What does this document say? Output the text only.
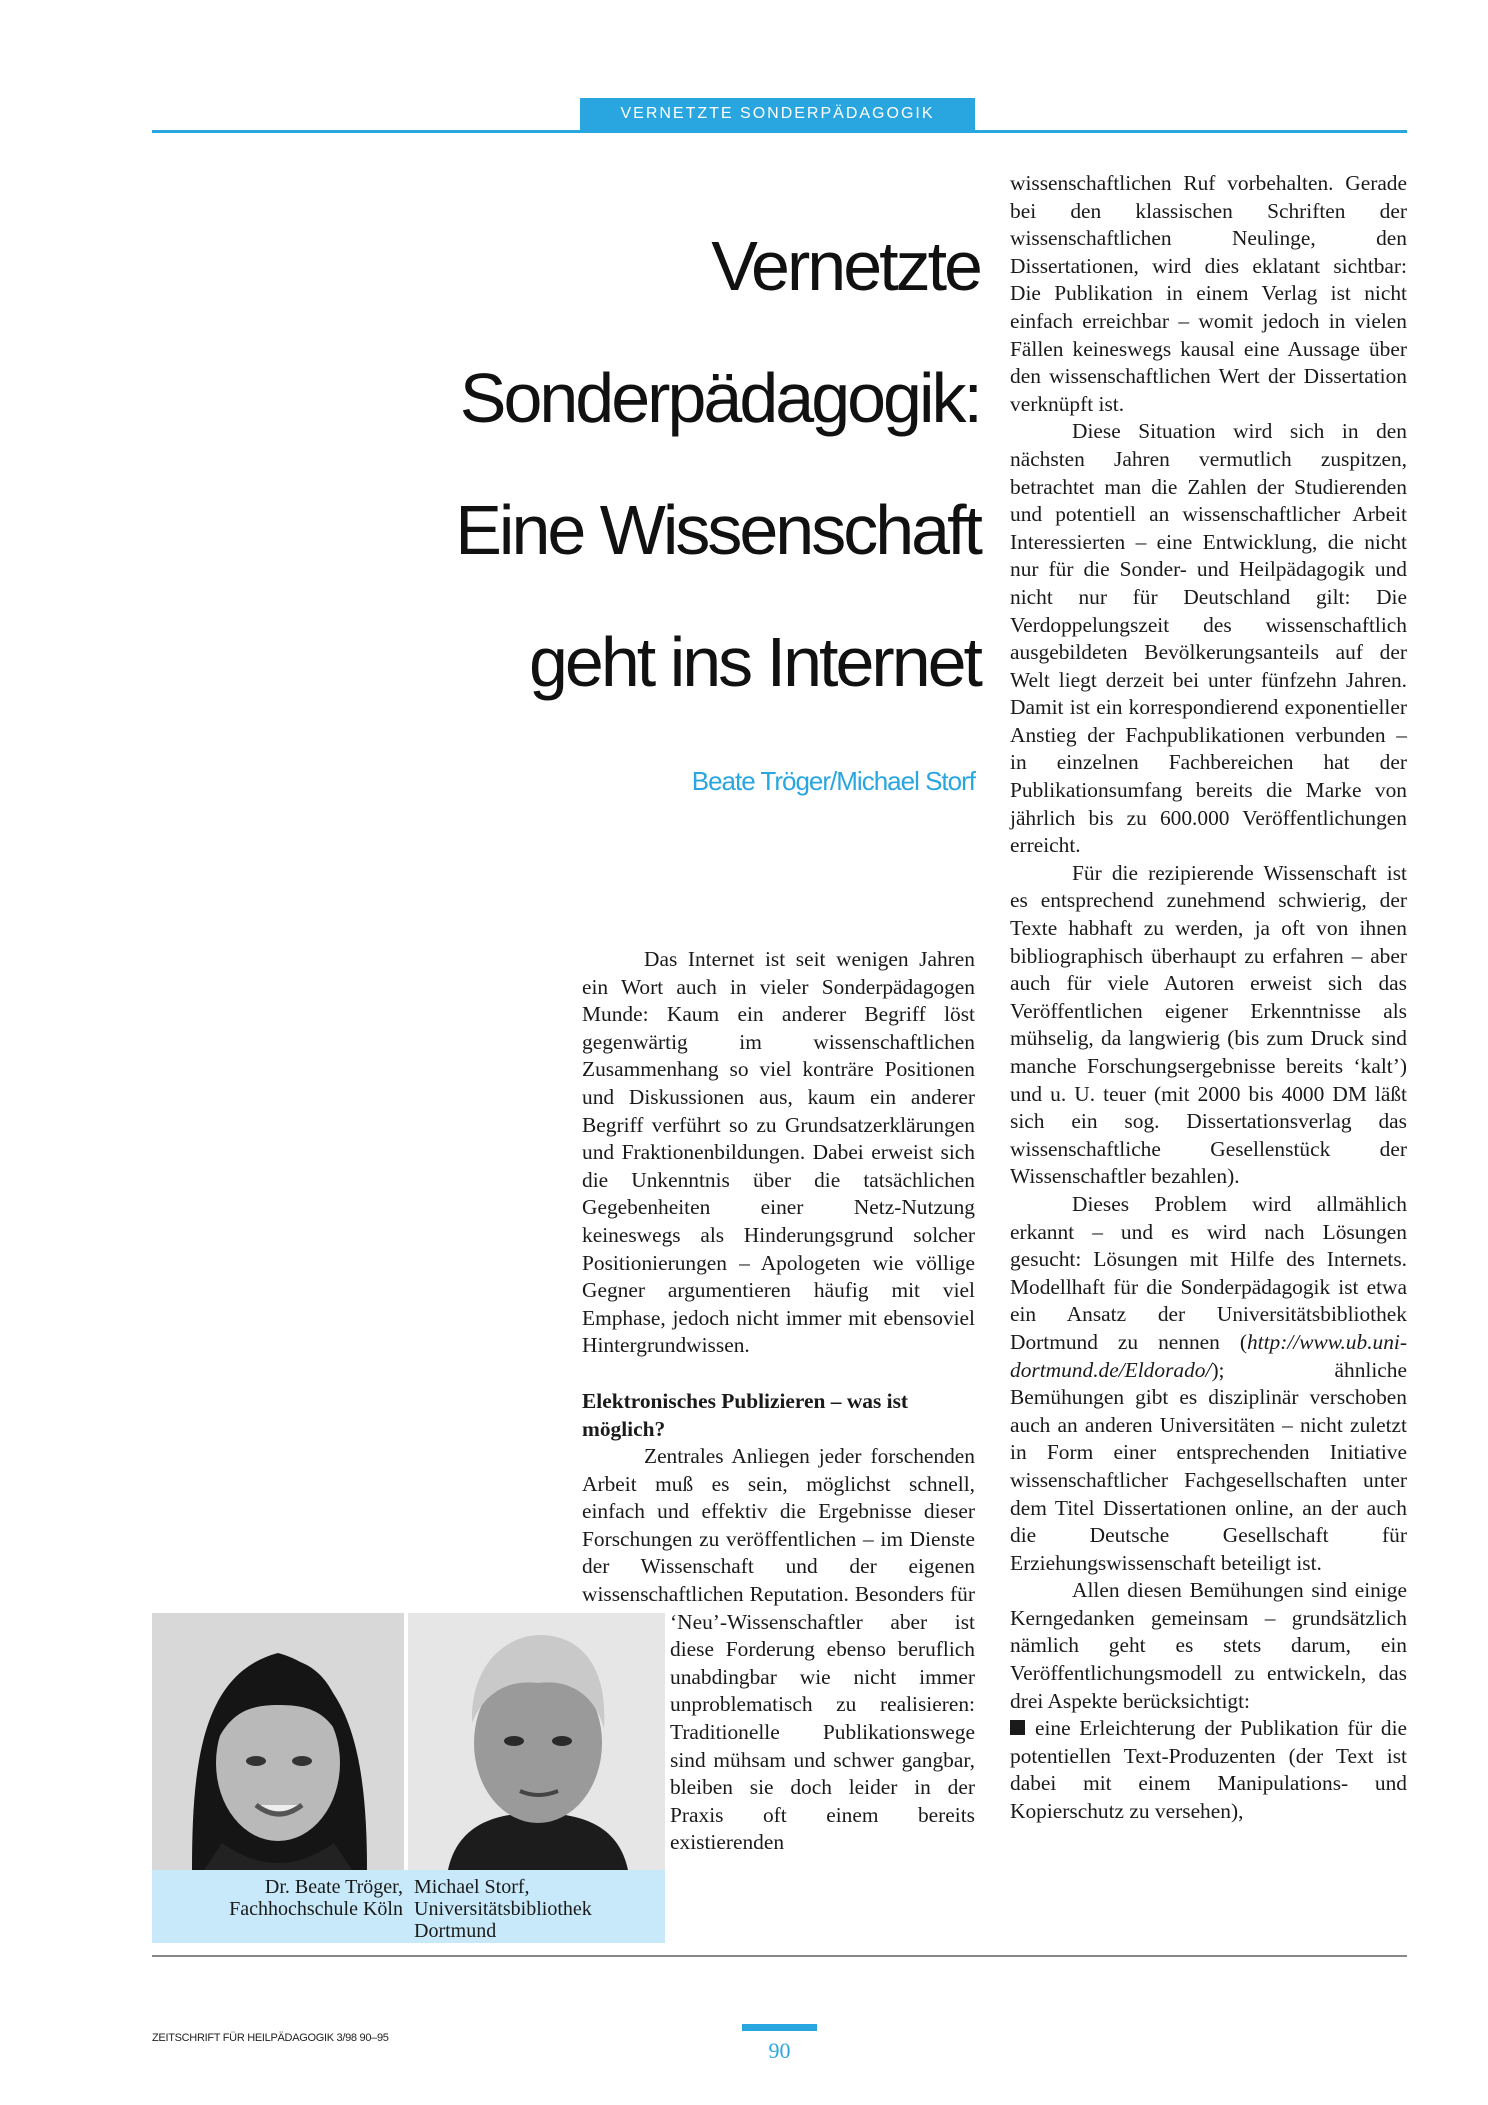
VERNETZTE SONDERPÄDAGOGIK
Vernetzte
Sonderpädagogik:
Eine Wissenschaft
geht ins Internet
Beate Tröger/Michael Storf

Das Internet ist seit wenigen Jahren ein Wort auch in vieler Sonderpädagogen Munde: Kaum ein anderer Begriff löst gegenwärtig im wissenschaftlichen Zusammenhang so viel konträre Positionen und Diskussionen aus, kaum ein anderer Begriff verführt so zu Grundsatzerklärungen und Fraktionenbildungen. Dabei erweist sich die Unkenntnis über die tatsächlichen Gegebenheiten einer Netz-Nutzung keineswegs als Hinderungsgrund solcher Positionierungen – Apologeten wie völlige Gegner argumentieren häufig mit viel Emphase, jedoch nicht immer mit ebensoviel Hintergrundwissen.

Elektronisches Publizieren – was ist möglich?

Zentrales Anliegen jeder forschenden Arbeit muß es sein, möglichst schnell, einfach und effektiv die Ergebnisse dieser Forschungen zu veröffentlichen – im Dienste der Wissenschaft und der eigenen wissenschaftlichen Reputation. Besonders für ‘Neu’-Wissenschaftler aber ist diese Forderung ebenso beruflich unabdingbar wie nicht immer unproblematisch zu realisieren: Traditionelle Publikationswege sind mühsam und schwer gangbar, bleiben sie doch leider in der Praxis oft einem bereits existierenden

wissenschaftlichen Ruf vorbehalten. Gerade bei den klassischen Schriften der wissenschaftlichen Neulinge, den Dissertationen, wird dies eklatant sichtbar: Die Publikation in einem Verlag ist nicht einfach erreichbar – womit jedoch in vielen Fällen keineswegs kausal eine Aussage über den wissenschaftlichen Wert der Dissertation verknüpft ist.

Diese Situation wird sich in den nächsten Jahren vermutlich zuspitzen, betrachtet man die Zahlen der Studierenden und potentiell an wissenschaftlicher Arbeit Interessierten – eine Entwicklung, die nicht nur für die Sonder- und Heilpädagogik und nicht nur für Deutschland gilt: Die Verdoppelungszeit des wissenschaftlich ausgebildeten Bevölkerungsanteils auf der Welt liegt derzeit bei unter fünfzehn Jahren. Damit ist ein korrespondierend exponentieller Anstieg der Fachpublikationen verbunden – in einzelnen Fachbereichen hat der Publikationsumfang bereits die Marke von jährlich bis zu 600.000 Veröffentlichungen erreicht.

Für die rezipierende Wissenschaft ist es entsprechend zunehmend schwierig, der Texte habhaft zu werden, ja oft von ihnen bibliographisch überhaupt zu erfahren – aber auch für viele Autoren erweist sich das Veröffentlichen eigener Erkenntnisse als mühselig, da langwierig (bis zum Druck sind manche Forschungsergebnisse bereits ‘kalt’) und u. U. teuer (mit 2000 bis 4000 DM läßt sich ein sog. Dissertationsverlag das wissenschaftliche Gesellenstück der Wissenschaftler bezahlen).

Dieses Problem wird allmählich erkannt – und es wird nach Lösungen gesucht: Lösungen mit Hilfe des Internets. Modellhaft für die Sonderpädagogik ist etwa ein Ansatz der Universitätsbibliothek Dortmund zu nennen (http://www.ub.uni-dortmund.de/Eldorado/); ähnliche Bemühungen gibt es disziplinär verschoben auch an anderen Universitäten – nicht zuletzt in Form einer entsprechenden Initiative wissenschaftlicher Fachgesellschaften unter dem Titel Dissertationen online, an der auch die Deutsche Gesellschaft für Erziehungswissenschaft beteiligt ist.

Allen diesen Bemühungen sind einige Kerngedanken gemeinsam – grundsätzlich nämlich geht es stets darum, ein Veröffentlichungsmodell zu entwickeln, das drei Aspekte berücksichtigt:

eine Erleichterung der Publikation für die potentiellen Text-Produzenten (der Text ist dabei mit einem Manipulations- und Kopierschutz zu versehen),

Dr. Beate Tröger,
Fachhochschule Köln
Michael Storf,
Universitätsbibliothek
Dortmund
ZEITSCHRIFT FÜR HEILPÄDAGOGIK 3/98 90–95	90
